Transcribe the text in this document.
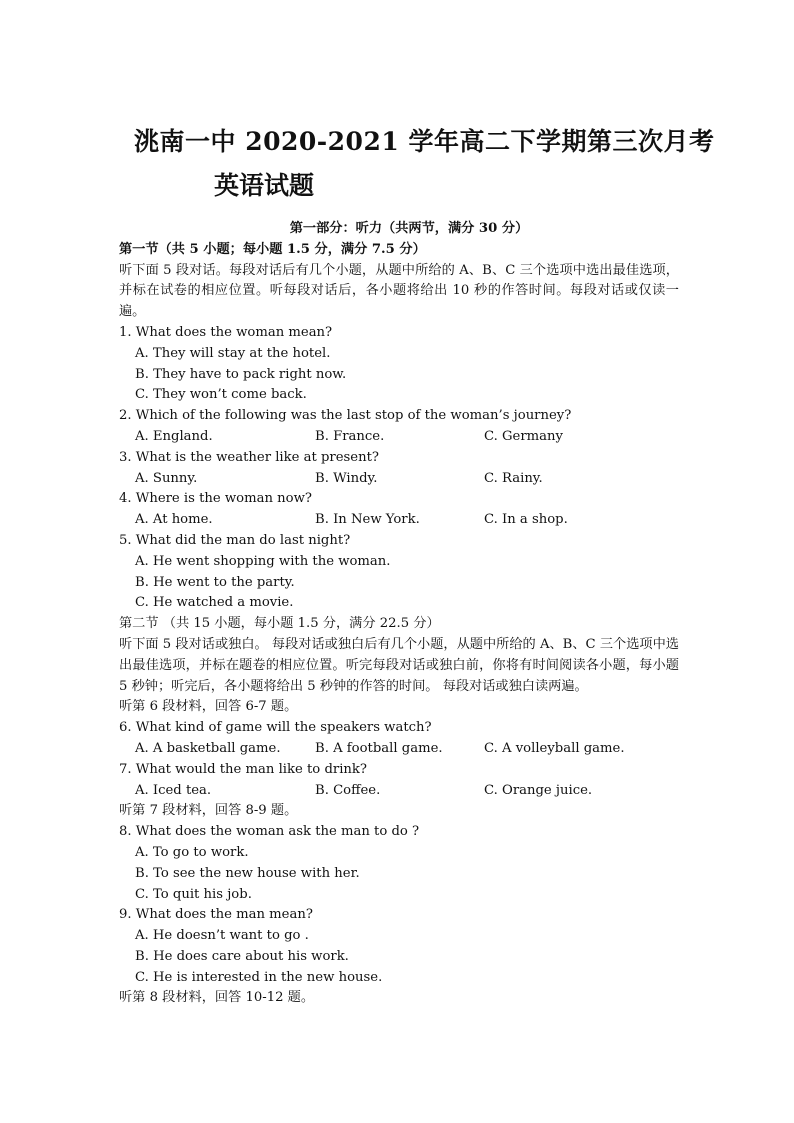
洮南一中 2020-2021 学年高二下学期第三次月考
英语试题
第一部分：听力（共两节，满分 30 分）
第一节（共 5 小题；每小题 1.5 分，满分 7.5 分）
听下面 5 段对话。每段对话后有几个小题，从题中所给的 A、B、C 三个选项中选出最佳选项，并标在试卷的相应位置。听每段对话后，各小题将给出 10 秒的作答时间。每段对话或仅读一遍。
1. What does the woman mean?
A. They will stay at the hotel.
B. They have to pack right now.
C. They won’t come back.
2. Which of the following was the last stop of the woman’s journey?
A. England.	B. France.	C. Germany
3. What is the weather like at present?
A. Sunny.	B. Windy.	C. Rainy.
4. Where is the woman now?
A. At home.	B. In New York.	C. In a shop.
5. What did the man do last night?
A. He went shopping with the woman.
B. He went to the party.
C. He watched a movie.
第二节 （共 15 小题，每小题 1.5 分，满分 22.5 分）
听下面 5 段对话或独白。 每段对话或独白后有几个小题，从题中所给的 A、B、C 三个选项中选出最佳选项，并标在题卷的相应位置。听完每段对话或独白前，你将有时间阅读各小题，每小题 5 秒钟；听完后，各小题将给出 5 秒钟的作答的时间。 每段对话或独白读两遍。
听第 6 段材料，回答 6-7 题。
6. What kind of game will the speakers watch?
A. A basketball game.	B. A football game.	C. A volleyball game.
7. What would the man like to drink?
A. Iced tea.	B. Coffee.	C. Orange juice.
听第 7 段材料，回答 8-9 题。
8. What does the woman ask the man to do ?
A. To go to work.
B. To see the new house with her.
C. To quit his job.
9. What does the man mean?
A. He doesn’t want to go .
B. He does care about his work.
C. He is interested in the new house.
听第 8 段材料，回答 10-12 题。
